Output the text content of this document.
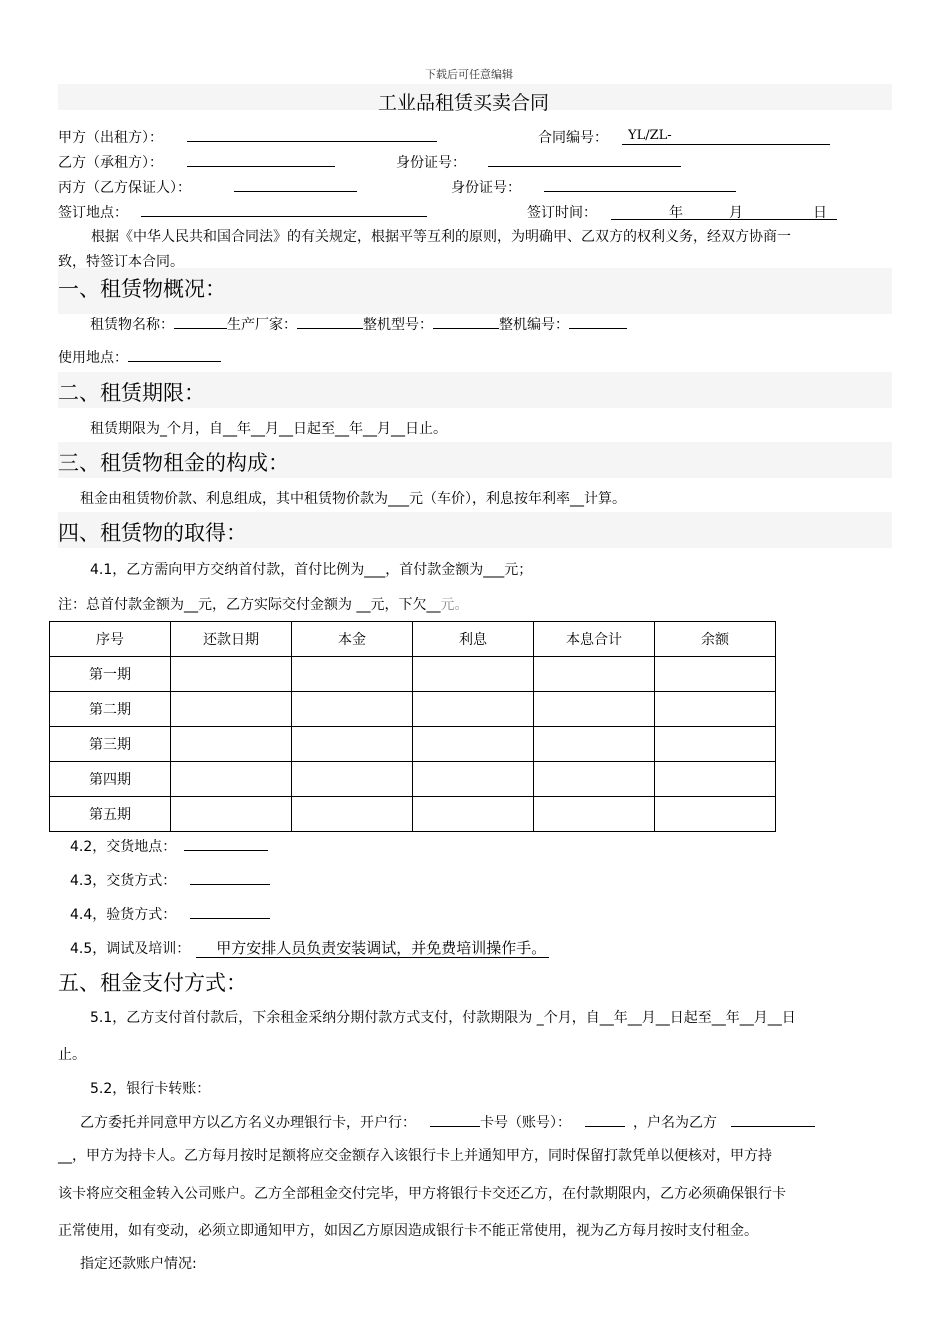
下载后可任意编辑
工业品租赁买卖合同
甲方（出租方）：	合同编号：	YL/ZL-
乙方（承租方）：	身份证号：
丙方（乙方保证人）：	身份证号：
签订地点：	签订时间：	年	月	日
根据《中华人民共和国合同法》的有关规定，根据平等互利的原则，为明确甲、乙双方的权利义务，经双方协商一
致，特签订本合同。
一、租赁物概况：
租赁物名称：	生产厂家：	整机型号：	整机编号：
使用地点：
二、租赁期限：
租赁期限为_个月，自__年__月__日起至__年__月__日止。
三、租赁物租金的构成：
租金由租赁物价款、利息组成，其中租赁物价款为___元（车价），利息按年利率__计算。
四、租赁物的取得：
4.1，乙方需向甲方交纳首付款，首付比例为___，首付款金额为___元；
注：总首付款金额为__元，乙方实际交付金额为 __元，下欠__元。
序号	还款日期	本金	利息	本息合计	余额
第一期					
第二期					
第三期					
第四期					
第五期					
4.2，交货地点：
4.3，交货方式：
4.4，验货方式：
4.5，调试及培训： 甲方安排人员负责安装调试，并免费培训操作手。
五、租金支付方式：
5.1，乙方支付首付款后，下余租金采纳分期付款方式支付，付款期限为 _个月，自__年__月__日起至__年__月__日
止。
5.2，银行卡转账：
乙方委托并同意甲方以乙方名义办理银行卡，开户行：	卡号（账号）：	，户名为乙方
__，甲方为持卡人。乙方每月按时足额将应交金额存入该银行卡上并通知甲方，同时保留打款凭单以便核对，甲方持
该卡将应交租金转入公司账户。乙方全部租金交付完毕，甲方将银行卡交还乙方，在付款期限内，乙方必须确保银行卡
正常使用，如有变动，必须立即通知甲方，如因乙方原因造成银行卡不能正常使用，视为乙方每月按时支付租金。
指定还款账户情况:
